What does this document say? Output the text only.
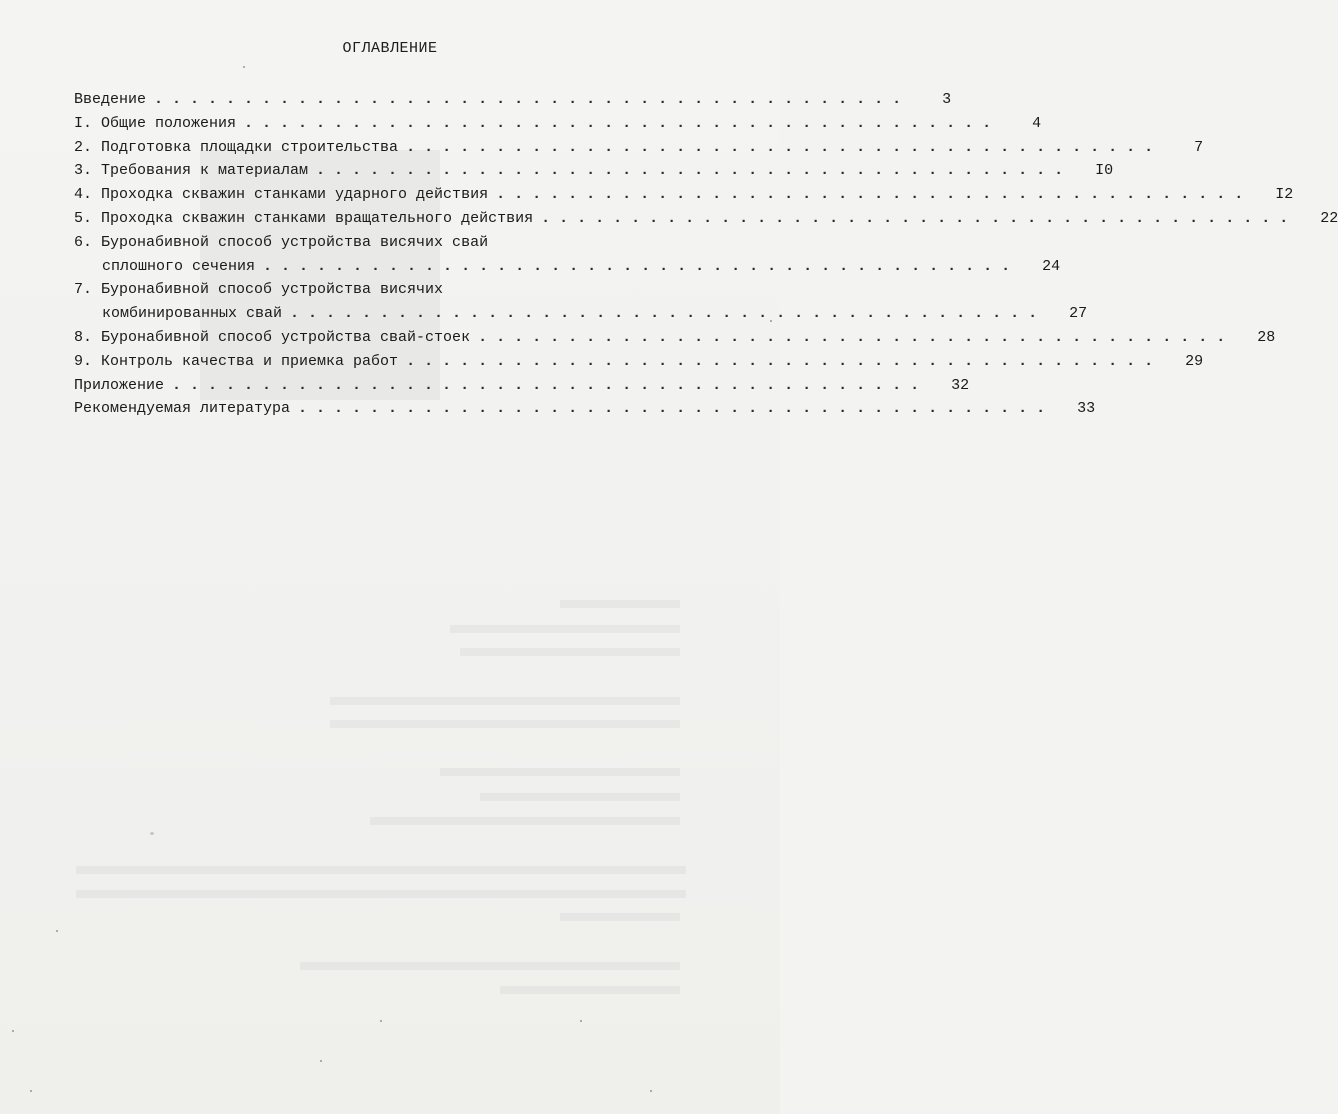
ОГЛАВЛЕНИЕ
Введение . . . . . . . . . . . . . . . . . . . . . . . . . . . . . . . . . . . . . . . . . .	3
I. Общие положения . . . . . . . . . . . . . . . . . . . . . . . . . . . . . . . . . . . . . . . . . .	4
2. Подготовка площадки строительства . . . . . . . . . . . . . . . . . . . . . . . . . . . . . . . . . . . . . . . . . .	7
3. Требования к материалам . . . . . . . . . . . . . . . . . . . . . . . . . . . . . . . . . . . . . . . . . .	I0
4. Проходка скважин станками ударного действия . . . . . . . . . . . . . . . . . . . . . . . . . . . . . . . . . . . . . . . . . .	I2
5. Проходка скважин станками вращательного действия . . . . . . . . . . . . . . . . . . . . . . . . . . . . . . . . . . . . . . . . . .	22
6. Буронабивной способ устройства висячих свай
сплошного сечения . . . . . . . . . . . . . . . . . . . . . . . . . . . . . . . . . . . . . . . . . .	24
7. Буронабивной способ устройства висячих
комбинированных свай . . . . . . . . . . . . . . . . . . . . . . . . . . . . . . . . . . . . . . . . . .	27
8. Буронабивной способ устройства свай-стоек . . . . . . . . . . . . . . . . . . . . . . . . . . . . . . . . . . . . . . . . . .	28
9. Контроль качества и приемка работ . . . . . . . . . . . . . . . . . . . . . . . . . . . . . . . . . . . . . . . . . .	29
Приложение . . . . . . . . . . . . . . . . . . . . . . . . . . . . . . . . . . . . . . . . . .	32
Рекомендуемая литература . . . . . . . . . . . . . . . . . . . . . . . . . . . . . . . . . . . . . . . . . .	33
